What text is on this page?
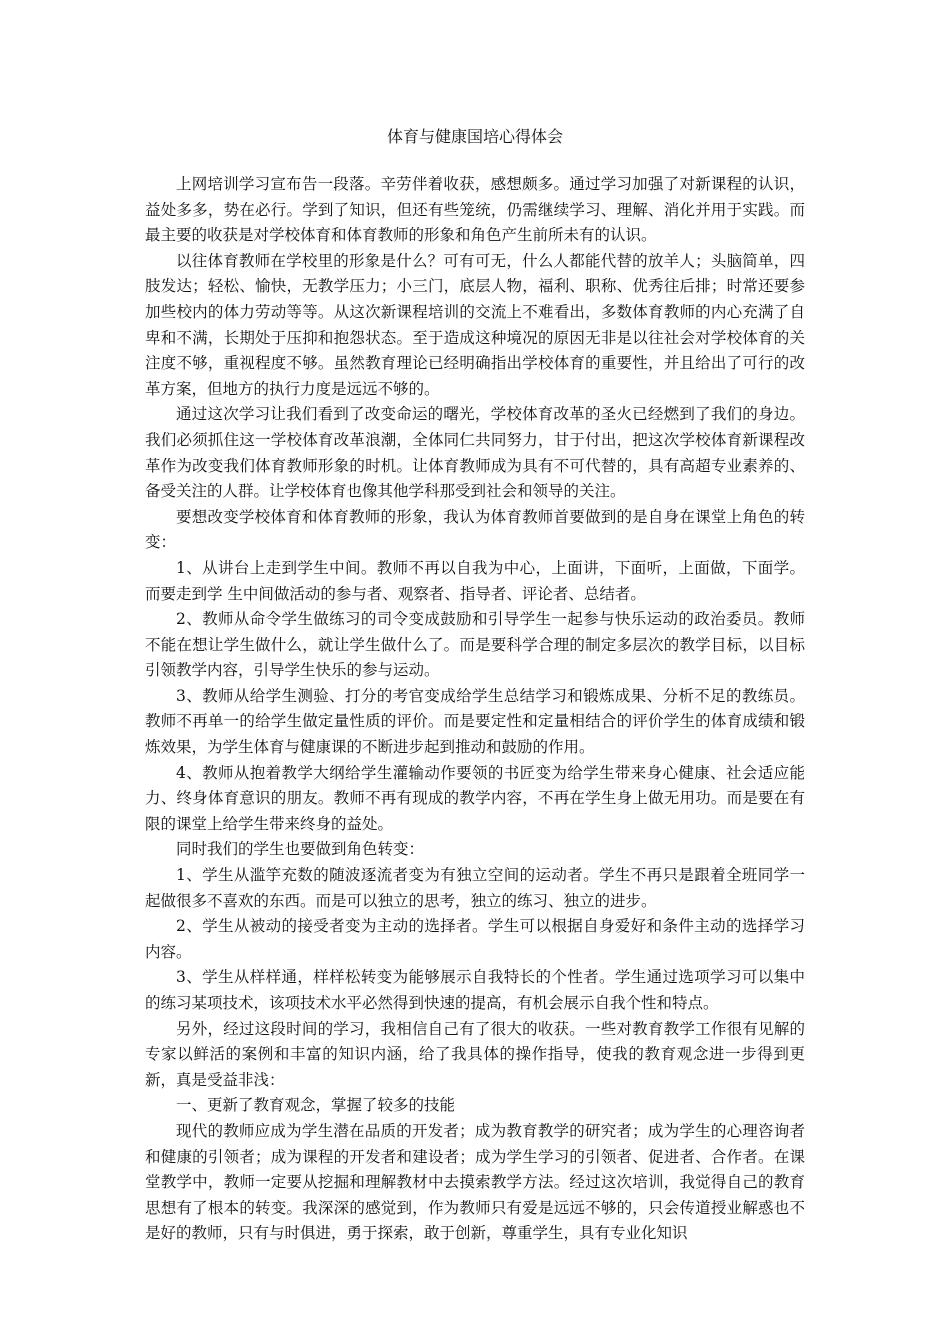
体育与健康国培心得体会

上网培训学习宣布告一段落。辛劳伴着收获，感想颇多。通过学习加强了对新课程的认识，益处多多，势在必行。学到了知识，但还有些笼统，仍需继续学习、理解、消化并用于实践。而最主要的收获是对学校体育和体育教师的形象和角色产生前所未有的认识。

以往体育教师在学校里的形象是什么？可有可无，什么人都能代替的放羊人；头脑简单，四肢发达；轻松、愉快，无教学压力；小三门，底层人物，福利、职称、优秀往后排；时常还要参加些校内的体力劳动等等。从这次新课程培训的交流上不难看出，多数体育教师的内心充满了自卑和不满，长期处于压抑和抱怨状态。至于造成这种境况的原因无非是以往社会对学校体育的关注度不够，重视程度不够。虽然教育理论已经明确指出学校体育的重要性，并且给出了可行的改革方案，但地方的执行力度是远远不够的。

通过这次学习让我们看到了改变命运的曙光，学校体育改革的圣火已经燃到了我们的身边。我们必须抓住这一学校体育改革浪潮，全体同仁共同努力，甘于付出，把这次学校体育新课程改革作为改变我们体育教师形象的时机。让体育教师成为具有不可代替的，具有高超专业素养的、备受关注的人群。让学校体育也像其他学科那受到社会和领导的关注。

要想改变学校体育和体育教师的形象，我认为体育教师首要做到的是自身在课堂上角色的转变：

1、从讲台上走到学生中间。教师不再以自我为中心，上面讲，下面听，上面做，下面学。而要走到学 生中间做活动的参与者、观察者、指导者、评论者、总结者。

2、教师从命令学生做练习的司令变成鼓励和引导学生一起参与快乐运动的政治委员。教师不能在想让学生做什么，就让学生做什么了。而是要科学合理的制定多层次的教学目标，以目标引领教学内容，引导学生快乐的参与运动。

3、教师从给学生测验、打分的考官变成给学生总结学习和锻炼成果、分析不足的教练员。教师不再单一的给学生做定量性质的评价。而是要定性和定量相结合的评价学生的体育成绩和锻炼效果，为学生体育与健康课的不断进步起到推动和鼓励的作用。

4、教师从抱着教学大纲给学生灌输动作要领的书匠变为给学生带来身心健康、社会适应能力、终身体育意识的朋友。教师不再有现成的教学内容，不再在学生身上做无用功。而是要在有限的课堂上给学生带来终身的益处。

同时我们的学生也要做到角色转变：

1、学生从滥竽充数的随波逐流者变为有独立空间的运动者。学生不再只是跟着全班同学一起做很多不喜欢的东西。而是可以独立的思考，独立的练习、独立的进步。

2、学生从被动的接受者变为主动的选择者。学生可以根据自身爱好和条件主动的选择学习内容。

3、学生从样样通，样样松转变为能够展示自我特长的个性者。学生通过选项学习可以集中的练习某项技术，该项技术水平必然得到快速的提高，有机会展示自我个性和特点。

另外，经过这段时间的学习，我相信自己有了很大的收获。一些对教育教学工作很有见解的专家以鲜活的案例和丰富的知识内涵，给了我具体的操作指导，使我的教育观念进一步得到更新，真是受益非浅：

一、更新了教育观念，掌握了较多的技能

现代的教师应成为学生潜在品质的开发者；成为教育教学的研究者；成为学生的心理咨询者和健康的引领者；成为课程的开发者和建设者；成为学生学习的引领者、促进者、合作者。在课堂教学中，教师一定要从挖掘和理解教材中去摸索教学方法。经过这次培训，我觉得自己的教育思想有了根本的转变。我深深的感觉到，作为教师只有爱是远远不够的，只会传道授业解惑也不是好的教师，只有与时俱进，勇于探索，敢于创新，尊重学生，具有专业化知识
